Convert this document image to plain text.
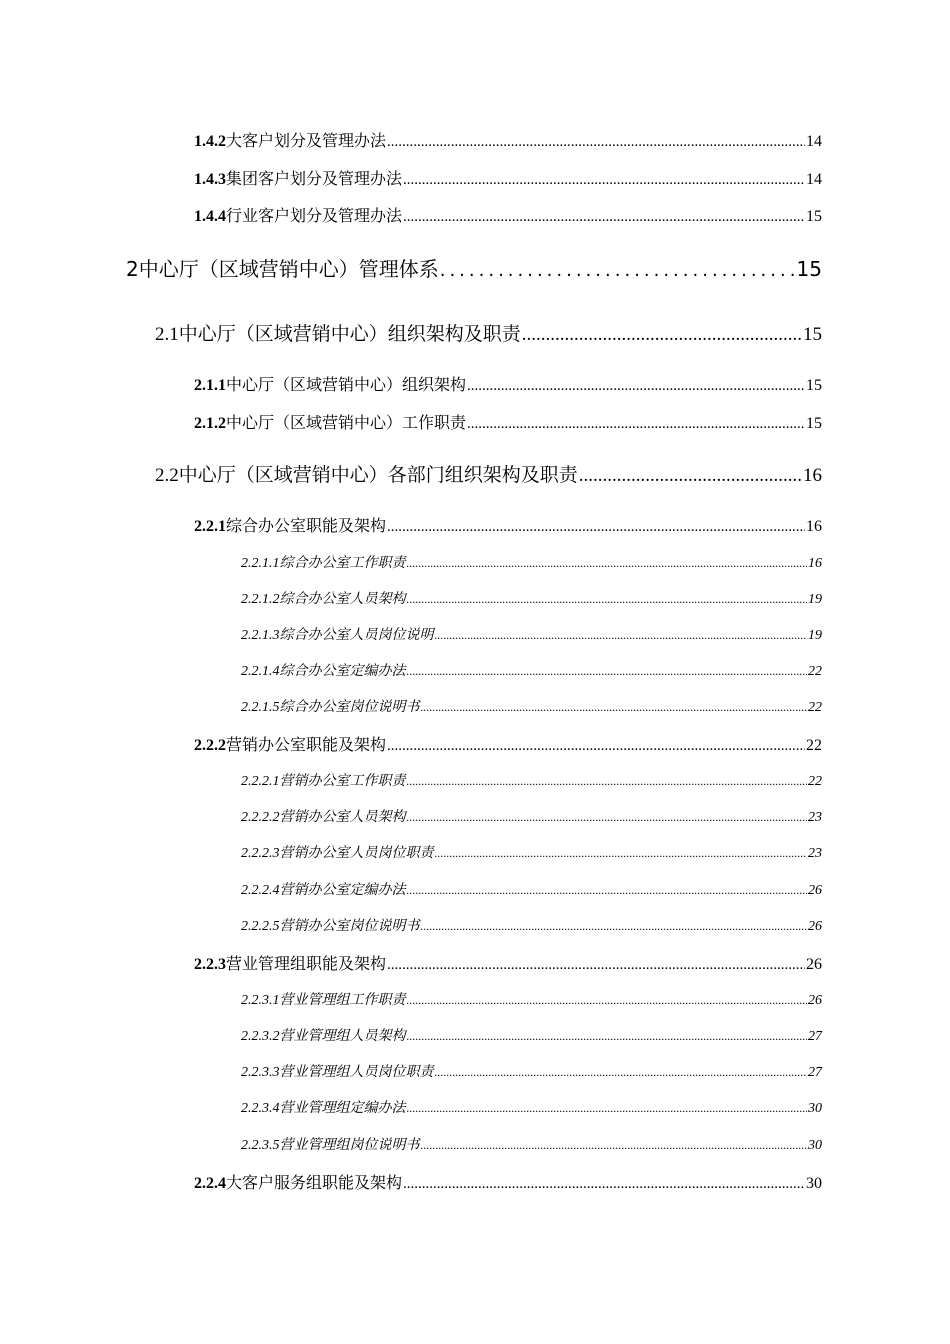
1.4.2 大客户划分及管理办法 .....	14
1.4.3 集团客户划分及管理办法 .....	14
1.4.4 行业客户划分及管理办法 .....	15
2 中心厅（区域营销中心）管理体系 .....	15
2.1 中心厅（区域营销中心）组织架构及职责 .....	15
2.1.1 中心厅（区域营销中心）组织架构 .....	15
2.1.2 中心厅（区域营销中心）工作职责 .....	15
2.2 中心厅（区域营销中心）各部门组织架构及职责 .....	16
2.2.1 综合办公室职能及架构 .....	16
2.2.1.1 综合办公室工作职责 .....	16
2.2.1.2 综合办公室人员架构 .....	19
2.2.1.3 综合办公室人员岗位说明 .....	19
2.2.1.4 综合办公室定编办法 .....	22
2.2.1.5 综合办公室岗位说明书 .....	22
2.2.2 营销办公室职能及架构 .....	22
2.2.2.1 营销办公室工作职责 .....	22
2.2.2.2 营销办公室人员架构 .....	23
2.2.2.3 营销办公室人员岗位职责 .....	23
2.2.2.4 营销办公室定编办法 .....	26
2.2.2.5 营销办公室岗位说明书 .....	26
2.2.3 营业管理组职能及架构 .....	26
2.2.3.1 营业管理组工作职责 .....	26
2.2.3.2 营业管理组人员架构 .....	27
2.2.3.3 营业管理组人员岗位职责 .....	27
2.2.3.4 营业管理组定编办法 .....	30
2.2.3.5 营业管理组岗位说明书 .....	30
2.2.4 大客户服务组职能及架构 .....	30
